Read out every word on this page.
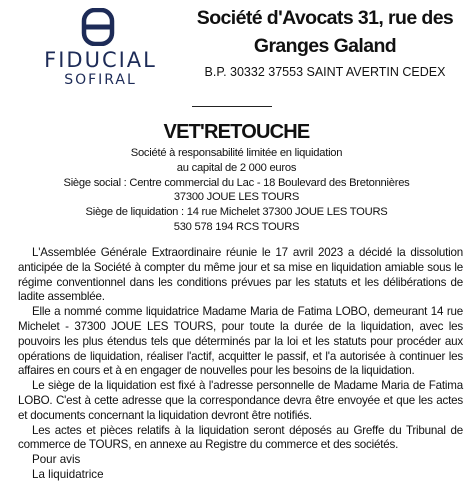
FIDUCIAL
SOFIRAL
Société d'Avocats 31, rue des
Granges Galand
B.P. 30332 37553 SAINT AVERTIN CEDEX
VET'RETOUCHE
Société à responsabilité limitée en liquidation
au capital de 2 000 euros
Siège social : Centre commercial du Lac - 18 Boulevard des Bretonnières
37300 JOUE LES TOURS
Siège de liquidation : 14 rue Michelet 37300 JOUE LES TOURS
530 578 194 RCS TOURS

L'Assemblée Générale Extraordinaire réunie le 17 avril 2023 a décidé la dissolution anticipée de la Société à compter du même jour et sa mise en liquidation amiable sous le régime conventionnel dans les conditions prévues par les statuts et les délibérations de ladite assemblée.

Elle a nommé comme liquidatrice Madame Maria de Fatima LOBO, demeurant 14 rue Michelet - 37300 JOUE LES TOURS, pour toute la durée de la liquidation, avec les pouvoirs les plus étendus tels que déterminés par la loi et les statuts pour procéder aux opérations de liquidation, réaliser l'actif, acquitter le passif, et l'a autorisée à continuer les affaires en cours et à en engager de nouvelles pour les besoins de la liquidation.

Le siège de la liquidation est fixé à l'adresse personnelle de Madame Maria de Fatima LOBO. C'est à cette adresse que la correspondance devra être envoyée et que les actes et documents concernant la liquidation devront être notifiés.

Les actes et pièces relatifs à la liquidation seront déposés au Greffe du Tribunal de commerce de TOURS, en annexe au Registre du commerce et des sociétés.

Pour avis

La liquidatrice
